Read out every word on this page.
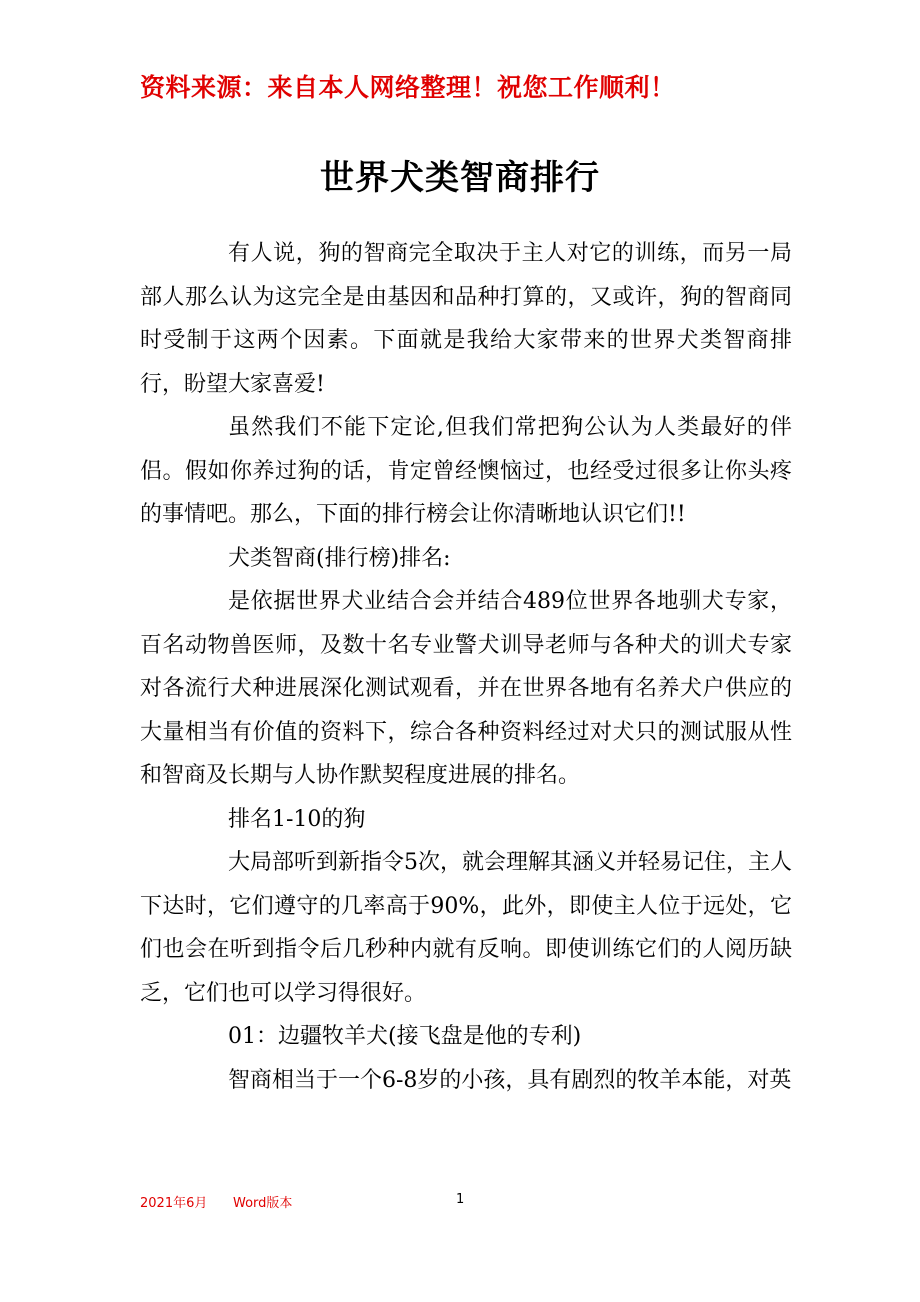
资料来源：来自本人网络整理！祝您工作顺利！
世界犬类智商排行

有人说，狗的智商完全取决于主人对它的训练，而另一局部人那么认为这完全是由基因和品种打算的，又或许，狗的智商同时受制于这两个因素。下面就是我给大家带来的世界犬类智商排行，盼望大家喜爱!

虽然我们不能下定论,但我们常把狗公认为人类最好的伴侣。假如你养过狗的话，肯定曾经懊恼过，也经受过很多让你头疼的事情吧。那么，下面的排行榜会让你清晰地认识它们!!

犬类智商(排行榜)排名:

是依据世界犬业结合会并结合489位世界各地驯犬专家，百名动物兽医师，及数十名专业警犬训导老师与各种犬的训犬专家对各流行犬种进展深化测试观看，并在世界各地有名养犬户供应的大量相当有价值的资料下，综合各种资料经过对犬只的测试服从性和智商及长期与人协作默契程度进展的排名。

排名1-10的狗

大局部听到新指令5次，就会理解其涵义并轻易记住，主人下达时，它们遵守的几率高于90%，此外，即使主人位于远处，它们也会在听到指令后几秒种内就有反响。即使训练它们的人阅历缺乏，它们也可以学习得很好。

01：边疆牧羊犬(接飞盘是他的专利)

智商相当于一个6-8岁的小孩，具有剧烈的牧羊本能，对英

2021年6月 Word版本	1
